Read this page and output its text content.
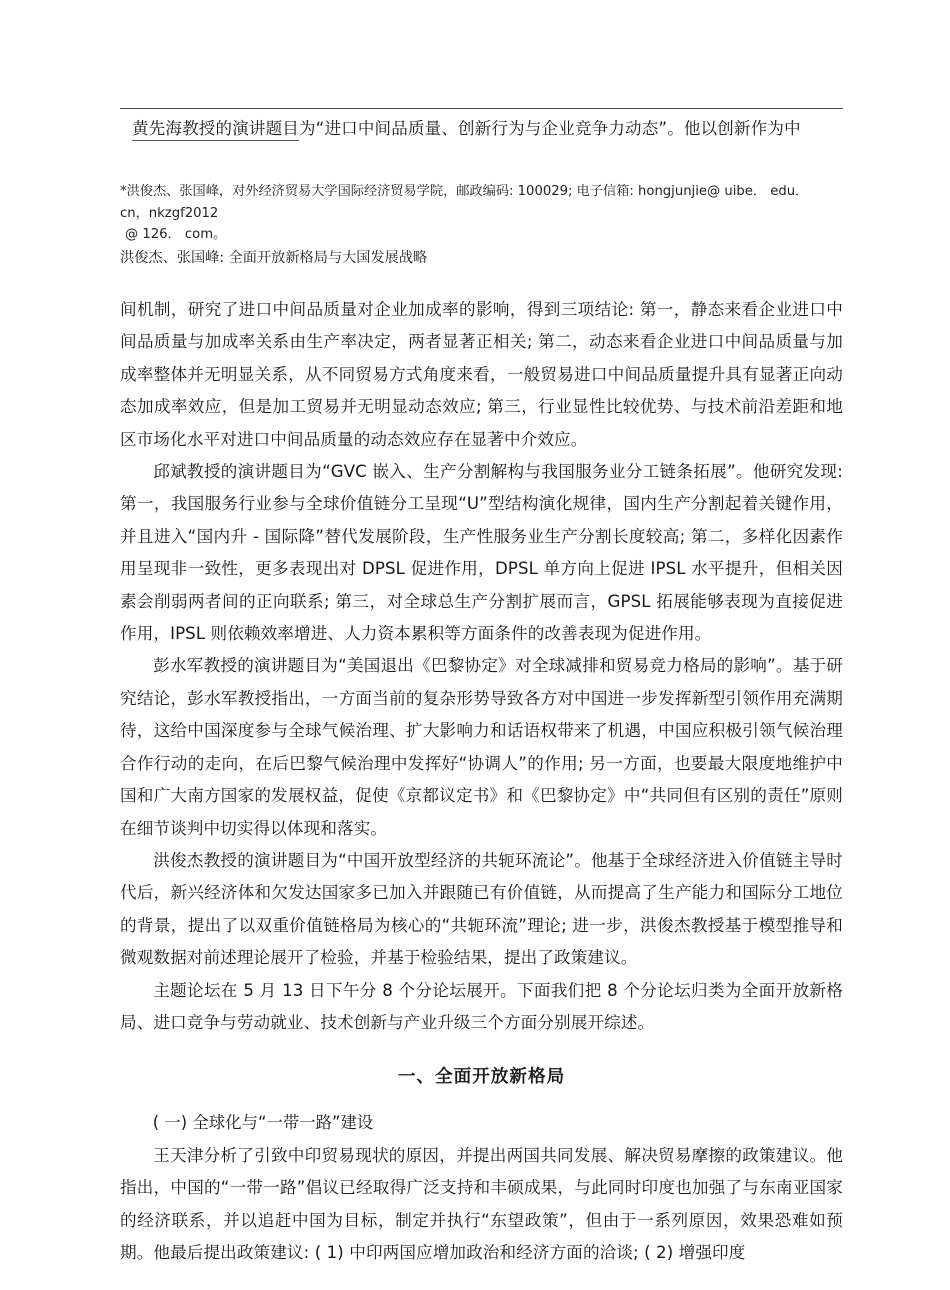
黄先海教授的演讲题目为“进口中间品质量、创新行为与企业竞争力动态”。他以创新作为中
*洪俊杰、张国峰，对外经济贸易大学国际经济贸易学院，邮政编码: 100029; 电子信箱: hongjunjie@ uibe． edu．
cn，nkzgf2012
@ 126． com。
洪俊杰、张国峰: 全面开放新格局与大国发展战略

间机制，研究了进口中间品质量对企业加成率的影响，得到三项结论: 第一，静态来看企业进口中间品质量与加成率关系由生产率决定，两者显著正相关; 第二，动态来看企业进口中间品质量与加成率整体并无明显关系，从不同贸易方式角度来看，一般贸易进口中间品质量提升具有显著正向动态加成率效应，但是加工贸易并无明显动态效应; 第三，行业显性比较优势、与技术前沿差距和地区市场化水平对进口中间品质量的动态效应存在显著中介效应。

邱斌教授的演讲题目为“GVC 嵌入、生产分割解构与我国服务业分工链条拓展”。他研究发现: 第一，我国服务行业参与全球价值链分工呈现“U”型结构演化规律，国内生产分割起着关键作用，并且进入“国内升 - 国际降”替代发展阶段，生产性服务业生产分割长度较高; 第二，多样化因素作用呈现非一致性，更多表现出对 DPSL 促进作用，DPSL 单方向上促进 IPSL 水平提升，但相关因素会削弱两者间的正向联系; 第三，对全球总生产分割扩展而言，GPSL 拓展能够表现为直接促进作用，IPSL 则依赖效率增进、人力资本累积等方面条件的改善表现为促进作用。

彭水军教授的演讲题目为“美国退出《巴黎协定》对全球减排和贸易竞力格局的影响”。基于研究结论，彭水军教授指出，一方面当前的复杂形势导致各方对中国进一步发挥新型引领作用充满期待，这给中国深度参与全球气候治理、扩大影响力和话语权带来了机遇，中国应积极引领气候治理合作行动的走向，在后巴黎气候治理中发挥好“协调人”的作用; 另一方面，也要最大限度地维护中国和广大南方国家的发展权益，促使《京都议定书》和《巴黎协定》中“共同但有区别的责任”原则在细节谈判中切实得以体现和落实。

洪俊杰教授的演讲题目为“中国开放型经济的共轭环流论”。他基于全球经济进入价值链主导时代后，新兴经济体和欠发达国家多已加入并跟随已有价值链，从而提高了生产能力和国际分工地位的背景，提出了以双重价值链格局为核心的“共轭环流”理论; 进一步，洪俊杰教授基于模型推导和微观数据对前述理论展开了检验，并基于检验结果，提出了政策建议。

主题论坛在 5 月 13 日下午分 8 个分论坛展开。下面我们把 8 个分论坛归类为全面开放新格局、进口竞争与劳动就业、技术创新与产业升级三个方面分别展开综述。

一、全面开放新格局
( 一) 全球化与“一带一路”建设

王天津分析了引致中印贸易现状的原因，并提出两国共同发展、解决贸易摩擦的政策建议。他指出，中国的“一带一路”倡议已经取得广泛支持和丰硕成果，与此同时印度也加强了与东南亚国家的经济联系，并以追赶中国为目标，制定并执行“东望政策”，但由于一系列原因，效果恐难如预期。他最后提出政策建议: ( 1) 中印两国应增加政治和经济方面的洽谈; ( 2) 增强印度
